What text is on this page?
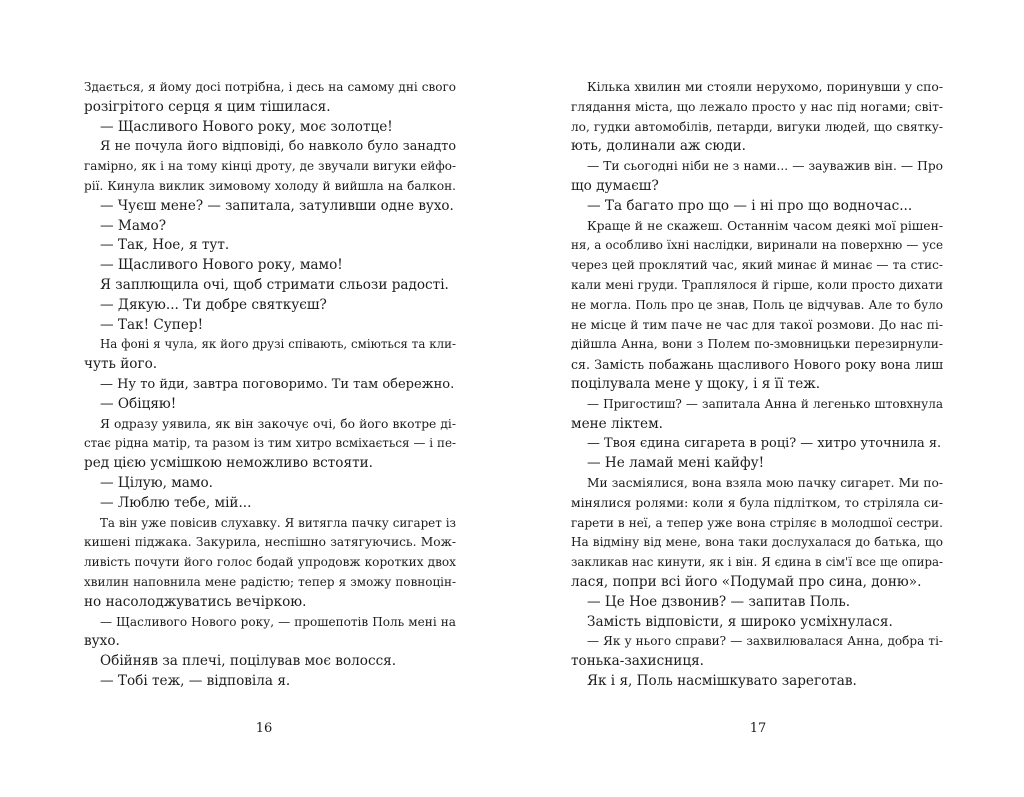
Здається, я йому досі потрібна, і десь на самому дні свого
розігрітого серця я цим тішилася.
— Щасливого Нового року, моє золотце!
Я не почула його відповіді, бо навколо було занадто
гамірно, як і на тому кінці дроту, де звучали вигуки ейфо-
рії. Кинула виклик зимовому холоду й вийшла на балкон.
— Чуєш мене? — запитала, затуливши одне вухо.
— Мамо?
— Так, Ное, я тут.
— Щасливого Нового року, мамо!
Я заплющила очі, щоб стримати сльози радості.
— Дякую... Ти добре святкуєш?
— Так! Супер!
На фоні я чула, як його друзі співають, сміються та кли-
чуть його.
— Ну то йди, завтра поговоримо. Ти там обережно.
— Обіцяю!
Я одразу уявила, як він закочує очі, бо його вкотре ді-
стає рідна матір, та разом із тим хитро всміхається — і пе-
ред цією усмішкою неможливо встояти.
— Цілую, мамо.
— Люблю тебе, мій...
Та він уже повісив слухавку. Я витягла пачку сигарет із
кишені піджака. Закурила, неспішно затягуючись. Мож-
ливість почути його голос бодай упродовж коротких двох
хвилин наповнила мене радістю; тепер я зможу повноцін-
но насолоджуватись вечіркою.
— Щасливого Нового року, — прошепотів Поль мені на
вухо.
Обійняв за плечі, поцілував моє волосся.
— Тобі теж, — відповіла я.
16
Кілька хвилин ми стояли нерухомо, поринувши у спо-
глядання міста, що лежало просто у нас під ногами; світ-
ло, гудки автомобілів, петарди, вигуки людей, що святку-
ють, долинали аж сюди.
— Ти сьогодні ніби не з нами... — зауважив він. — Про
що думаєш?
— Та багато про що — і ні про що водночас...
Краще й не скажеш. Останнім часом деякі мої рішен-
ня, а особливо їхні наслідки, виринали на поверхню — усе
через цей проклятий час, який минає й минає — та стис-
кали мені груди. Траплялося й гірше, коли просто дихати
не могла. Поль про це знав, Поль це відчував. Але то було
не місце й тим паче не час для такої розмови. До нас пі-
дійшла Анна, вони з Полем по-змовницьки перезирнули-
ся. Замість побажань щасливого Нового року вона лиш
поцілувала мене у щоку, і я її теж.
— Пригостиш? — запитала Анна й легенько штовхнула
мене ліктем.
— Твоя єдина сигарета в році? — хитро уточнила я.
— Не ламай мені кайфу!
Ми засміялися, вона взяла мою пачку сигарет. Ми по-
мінялися ролями: коли я була підлітком, то стріляла си-
гарети в неї, а тепер уже вона стріляє в молодшої сестри.
На відміну від мене, вона таки дослухалася до батька, що
закликав нас кинути, як і він. Я єдина в сім'ї все ще опира-
лася, попри всі його «Подумай про сина, доню».
— Це Ное дзвонив? — запитав Поль.
Замість відповісти, я широко усміхнулася.
— Як у нього справи? — захвилювалася Анна, добра ті-
тонька-захисниця.
Як і я, Поль насмішкувато зареготав.
17
